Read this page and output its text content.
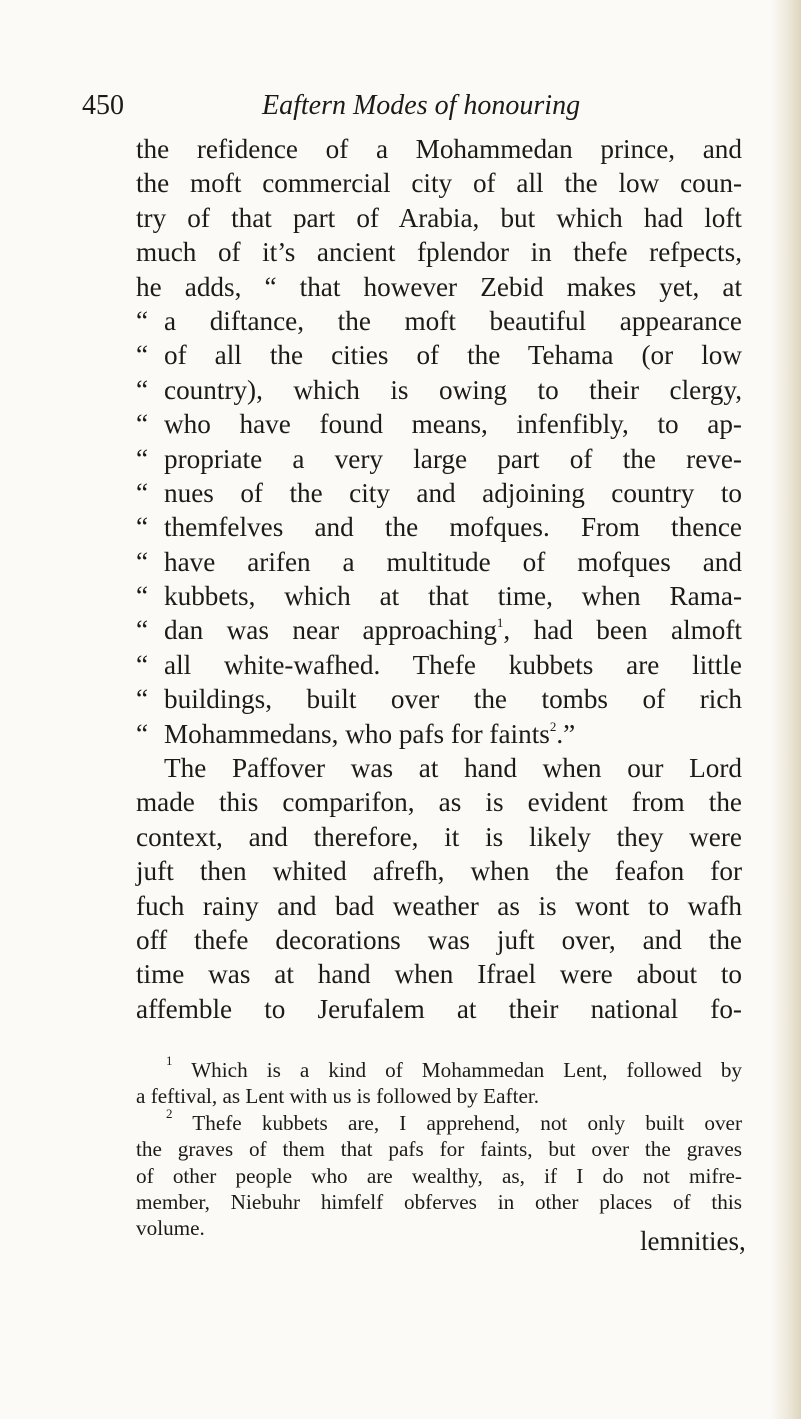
450	Eaftern Modes of honouring
the refidence of a Mohammedan prince, and
the moft commercial city of all the low coun-
try of that part of Arabia, but which had loft
much of it’s ancient fplendor in thefe refpects,
he adds, “ that however Zebid makes yet, at
“ a diftance, the moft beautiful appearance
“ of all the cities of the Tehama (or low
“ country), which is owing to their clergy,
“ who have found means, infenfibly, to ap-
“ propriate a very large part of the reve-
“ nues of the city and adjoining country to
“ themfelves and the mofques. From thence
“ have arifen a multitude of mofques and
“ kubbets, which at that time, when Rama-
“ dan was near approaching$^1$, had been almoft
“ all white-wafhed. Thefe kubbets are little
“ buildings, built over the tombs of rich
“ Mohammedans, who pafs for faints$^2$.”
The Paffover was at hand when our Lord
made this comparifon, as is evident from the
context, and therefore, it is likely they were
juft then whited afrefh, when the feafon for
fuch rainy and bad weather as is wont to wafh
off thefe decorations was juft over, and the
time was at hand when Ifrael were about to
affemble to Jerufalem at their national fo-
$^1$ Which is a kind of Mohammedan Lent, followed by
a feftival, as Lent with us is followed by Eafter.
$^2$ Thefe kubbets are, I apprehend, not only built over
the graves of them that pafs for faints, but over the graves
of other people who are wealthy, as, if I do not mifre-
member, Niebuhr himfelf obferves in other places of this
volume.	lemnities,
